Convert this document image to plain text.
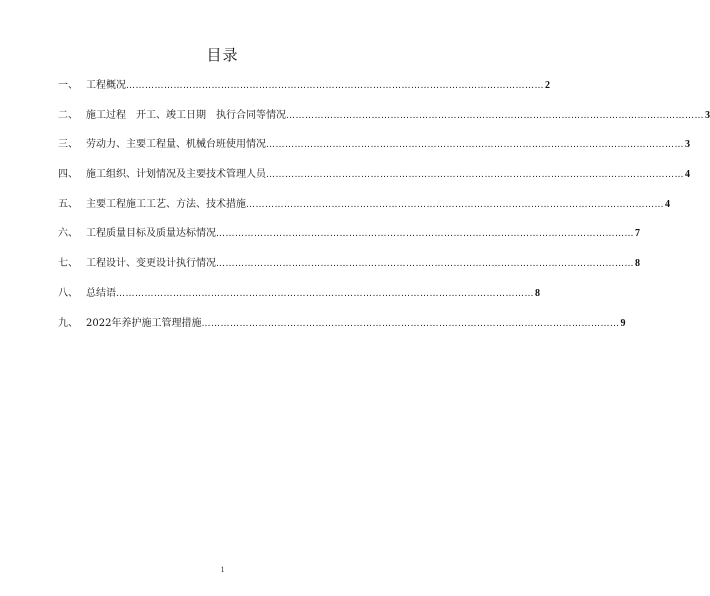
目录
一、 工程概况 …………………………………………………………………………………………………………………… 2
二、 施工过程　开工、竣工日期　执行合同等情况 …………………………………………………………………………………………………………………… 3
三、 劳动力、主要工程量、机械台班使用情况 …………………………………………………………………………………………………………………… 3
四、 施工组织、计划情况及主要技术管理人员 …………………………………………………………………………………………………………………… 4
五、 主要工程施工工艺、方法、技术措施 …………………………………………………………………………………………………………………… 4
六、 工程质量目标及质量达标情况 …………………………………………………………………………………………………………………… 7
七、 工程设计、变更设计执行情况 …………………………………………………………………………………………………………………… 8
八、 总结语 …………………………………………………………………………………………………………………… 8
九、 2022年养护施工管理措施 …………………………………………………………………………………………………………………… 9
1
